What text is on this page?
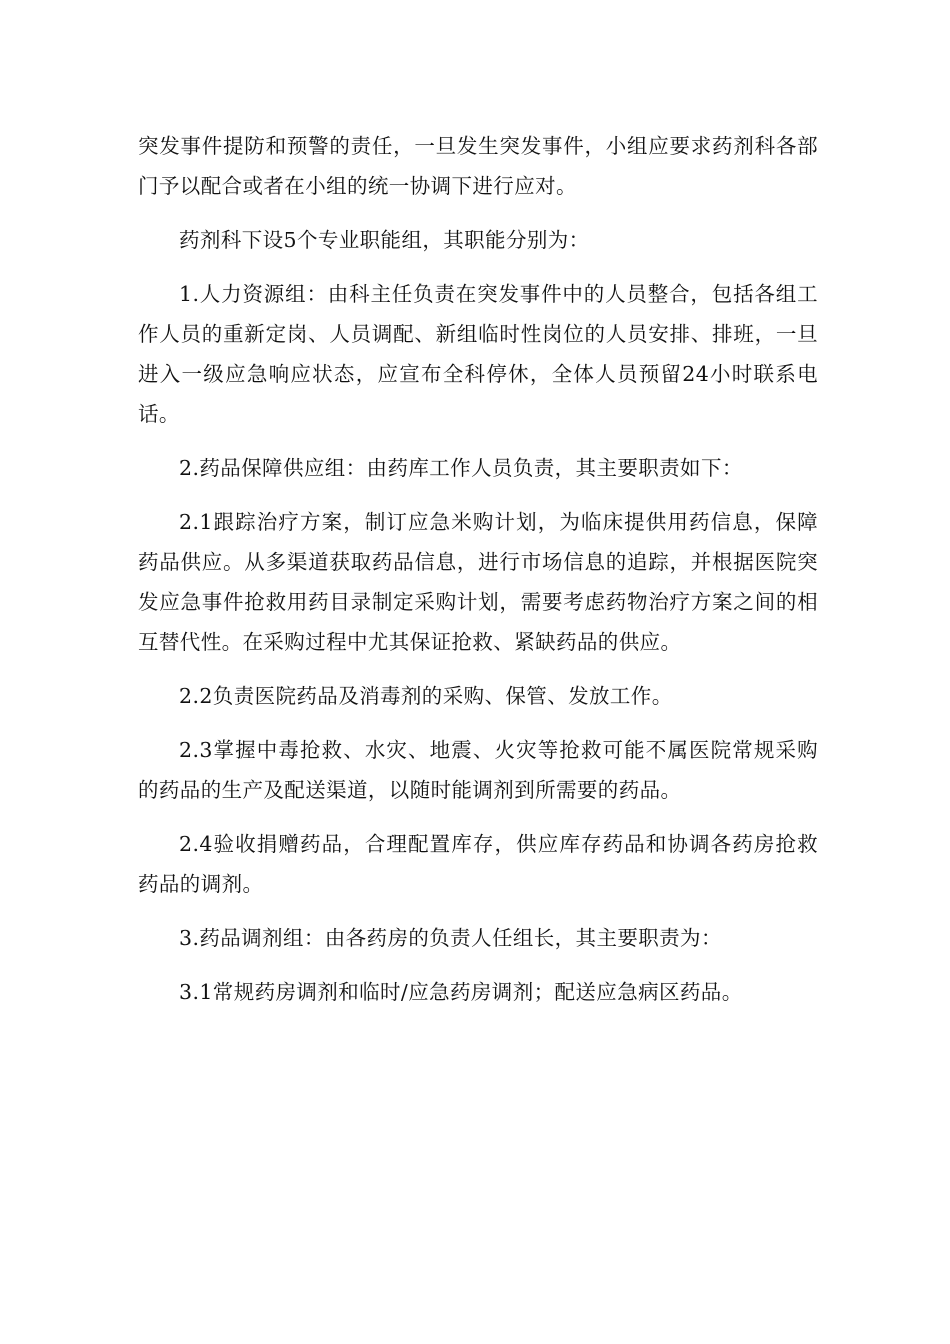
突发事件提防和预警的责任，一旦发生突发事件，小组应要求药剂科各部门予以配合或者在小组的统一协调下进行应对。

药剂科下设5个专业职能组，其职能分别为：

1.人力资源组：由科主任负责在突发事件中的人员整合，包括各组工作人员的重新定岗、人员调配、新组临时性岗位的人员安排、排班，一旦进入一级应急响应状态，应宣布全科停休，全体人员预留24小时联系电话。

2.药品保障供应组：由药库工作人员负责，其主要职责如下：

2.1跟踪治疗方案，制订应急米购计划，为临床提供用药信息，保障药品供应。从多渠道获取药品信息，进行市场信息的追踪，并根据医院突发应急事件抢救用药目录制定采购计划，需要考虑药物治疗方案之间的相互替代性。在采购过程中尤其保证抢救、紧缺药品的供应。

2.2负责医院药品及消毒剂的采购、保管、发放工作。

2.3掌握中毒抢救、水灾、地震、火灾等抢救可能不属医院常规采购的药品的生产及配送渠道，以随时能调剂到所需要的药品。

2.4验收捐赠药品，合理配置库存，供应库存药品和协调各药房抢救药品的调剂。

3.药品调剂组：由各药房的负责人任组长，其主要职责为：

3.1常规药房调剂和临时/应急药房调剂；配送应急病区药品。
